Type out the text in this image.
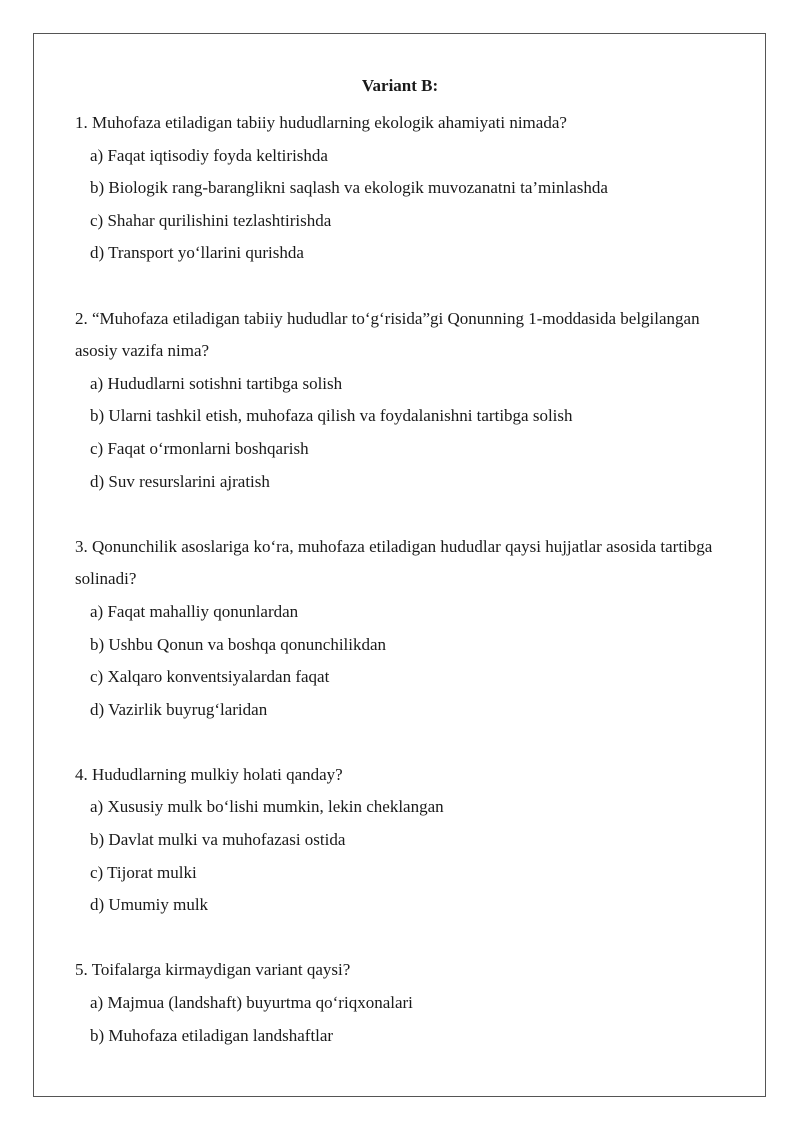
Variant B:

1. Muhofaza etiladigan tabiiy hududlarning ekologik ahamiyati nimada?

a) Faqat iqtisodiy foyda keltirishda
b) Biologik rang-baranglikni saqlash va ekologik muvozanatni ta’minlashda
c) Shahar qurilishini tezlashtirishda
d) Transport yo‘llarini qurishda

2. “Muhofaza etiladigan tabiiy hududlar to‘g‘risida”gi Qonunning 1-moddasida belgilangan asosiy vazifa nima?

a) Hududlarni sotishni tartibga solish
b) Ularni tashkil etish, muhofaza qilish va foydalanishni tartibga solish
c) Faqat o‘rmonlarni boshqarish
d) Suv resurslarini ajratish

3. Qonunchilik asoslariga ko‘ra, muhofaza etiladigan hududlar qaysi hujjatlar asosida tartibga solinadi?

a) Faqat mahalliy qonunlardan
b) Ushbu Qonun va boshqa qonunchilikdan
c) Xalqaro konventsiyalardan faqat
d) Vazirlik buyrug‘laridan

4. Hududlarning mulkiy holati qanday?

a) Xususiy mulk bo‘lishi mumkin, lekin cheklangan
b) Davlat mulki va muhofazasi ostida
c) Tijorat mulki
d) Umumiy mulk

5. Toifalarga kirmaydigan variant qaysi?

a) Majmua (landshaft) buyurtma qo‘riqxonalari
b) Muhofaza etiladigan landshaftlar
